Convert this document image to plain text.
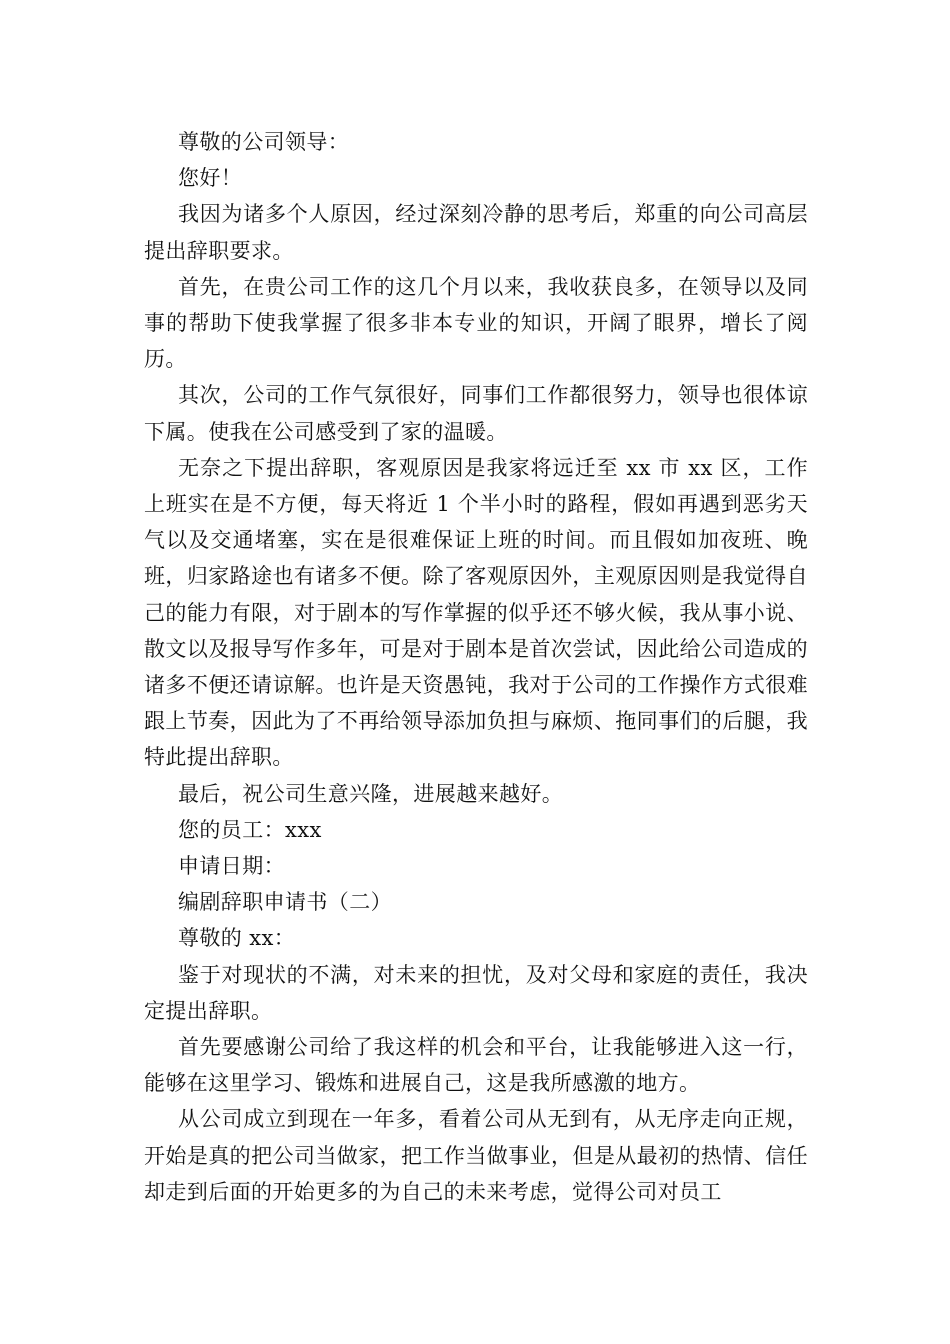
尊敬的公司领导：

您好！

我因为诸多个人原因，经过深刻冷静的思考后，郑重的向公司高层提出辞职要求。

首先，在贵公司工作的这几个月以来，我收获良多，在领导以及同事的帮助下使我掌握了很多非本专业的知识，开阔了眼界，增长了阅历。

其次，公司的工作气氛很好，同事们工作都很努力，领导也很体谅下属。使我在公司感受到了家的温暖。

无奈之下提出辞职，客观原因是我家将远迁至 xx 市 xx 区，工作上班实在是不方便，每天将近 1 个半小时的路程，假如再遇到恶劣天气以及交通堵塞，实在是很难保证上班的时间。而且假如加夜班、晚班，归家路途也有诸多不便。除了客观原因外，主观原因则是我觉得自己的能力有限，对于剧本的写作掌握的似乎还不够火候，我从事小说、散文以及报导写作多年，可是对于剧本是首次尝试，因此给公司造成的诸多不便还请谅解。也许是天资愚钝，我对于公司的工作操作方式很难跟上节奏，因此为了不再给领导添加负担与麻烦、拖同事们的后腿，我特此提出辞职。

最后，祝公司生意兴隆，进展越来越好。

您的员工：xxx

申请日期：

编剧辞职申请书（二）

尊敬的 xx：

鉴于对现状的不满，对未来的担忧，及对父母和家庭的责任，我决定提出辞职。

首先要感谢公司给了我这样的机会和平台，让我能够进入这一行，能够在这里学习、锻炼和进展自己，这是我所感激的地方。

从公司成立到现在一年多，看着公司从无到有，从无序走向正规，开始是真的把公司当做家，把工作当做事业，但是从最初的热情、信任却走到后面的开始更多的为自己的未来考虑，觉得公司对员工
